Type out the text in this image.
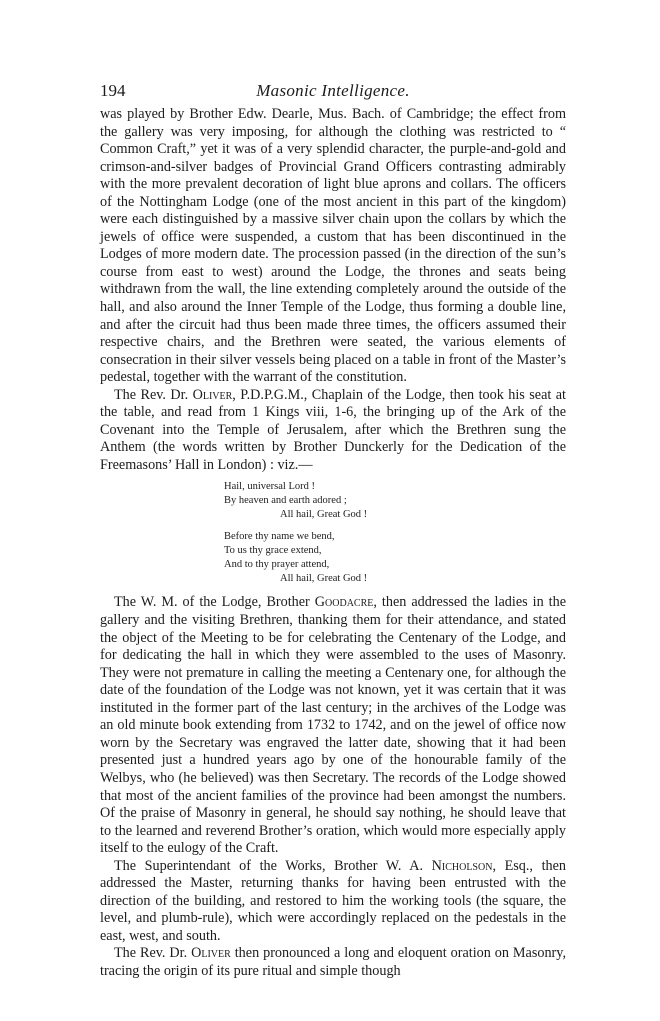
194	Masonic Intelligence.

was played by Brother Edw. Dearle, Mus. Bach. of Cambridge; the effect from the gallery was very imposing, for although the clothing was restricted to “ Common Craft,” yet it was of a very splendid character, the purple-and-gold and crimson-and-silver badges of Provincial Grand Officers contrasting admirably with the more prevalent decoration of light blue aprons and collars. The officers of the Nottingham Lodge (one of the most ancient in this part of the kingdom) were each distinguished by a massive silver chain upon the collars by which the jewels of office were suspended, a custom that has been discontinued in the Lodges of more modern date. The procession passed (in the direction of the sun’s course from east to west) around the Lodge, the thrones and seats being withdrawn from the wall, the line extending completely around the outside of the hall, and also around the Inner Temple of the Lodge, thus forming a double line, and after the circuit had thus been made three times, the officers assumed their respective chairs, and the Brethren were seated, the various elements of consecration in their silver vessels being placed on a table in front of the Master’s pedestal, together with the warrant of the constitution.

The Rev. Dr. Oliver, P.D.P.G.M., Chaplain of the Lodge, then took his seat at the table, and read from 1 Kings viii, 1-6, the bringing up of the Ark of the Covenant into the Temple of Jerusalem, after which the Brethren sung the Anthem (the words written by Brother Dunckerly for the Dedication of the Freemasons’ Hall in London) : viz.—

Hail, universal Lord !
By heaven and earth adored ;
All hail, Great God !
Before thy name we bend,
To us thy grace extend,
And to thy prayer attend,
All hail, Great God !

The W. M. of the Lodge, Brother Goodacre, then addressed the ladies in the gallery and the visiting Brethren, thanking them for their attendance, and stated the object of the Meeting to be for celebrating the Centenary of the Lodge, and for dedicating the hall in which they were assembled to the uses of Masonry. They were not premature in calling the meeting a Centenary one, for although the date of the foundation of the Lodge was not known, yet it was certain that it was instituted in the former part of the last century; in the archives of the Lodge was an old minute book extending from 1732 to 1742, and on the jewel of office now worn by the Secretary was engraved the latter date, showing that it had been presented just a hundred years ago by one of the honourable family of the Welbys, who (he believed) was then Secretary. The records of the Lodge showed that most of the ancient families of the province had been amongst the numbers. Of the praise of Masonry in general, he should say nothing, he should leave that to the learned and reverend Brother’s oration, which would more especially apply itself to the eulogy of the Craft.

The Superintendant of the Works, Brother W. A. Nicholson, Esq., then addressed the Master, returning thanks for having been entrusted with the direction of the building, and restored to him the working tools (the square, the level, and plumb-rule), which were accordingly replaced on the pedestals in the east, west, and south.

The Rev. Dr. Oliver then pronounced a long and eloquent oration on Masonry, tracing the origin of its pure ritual and simple though
